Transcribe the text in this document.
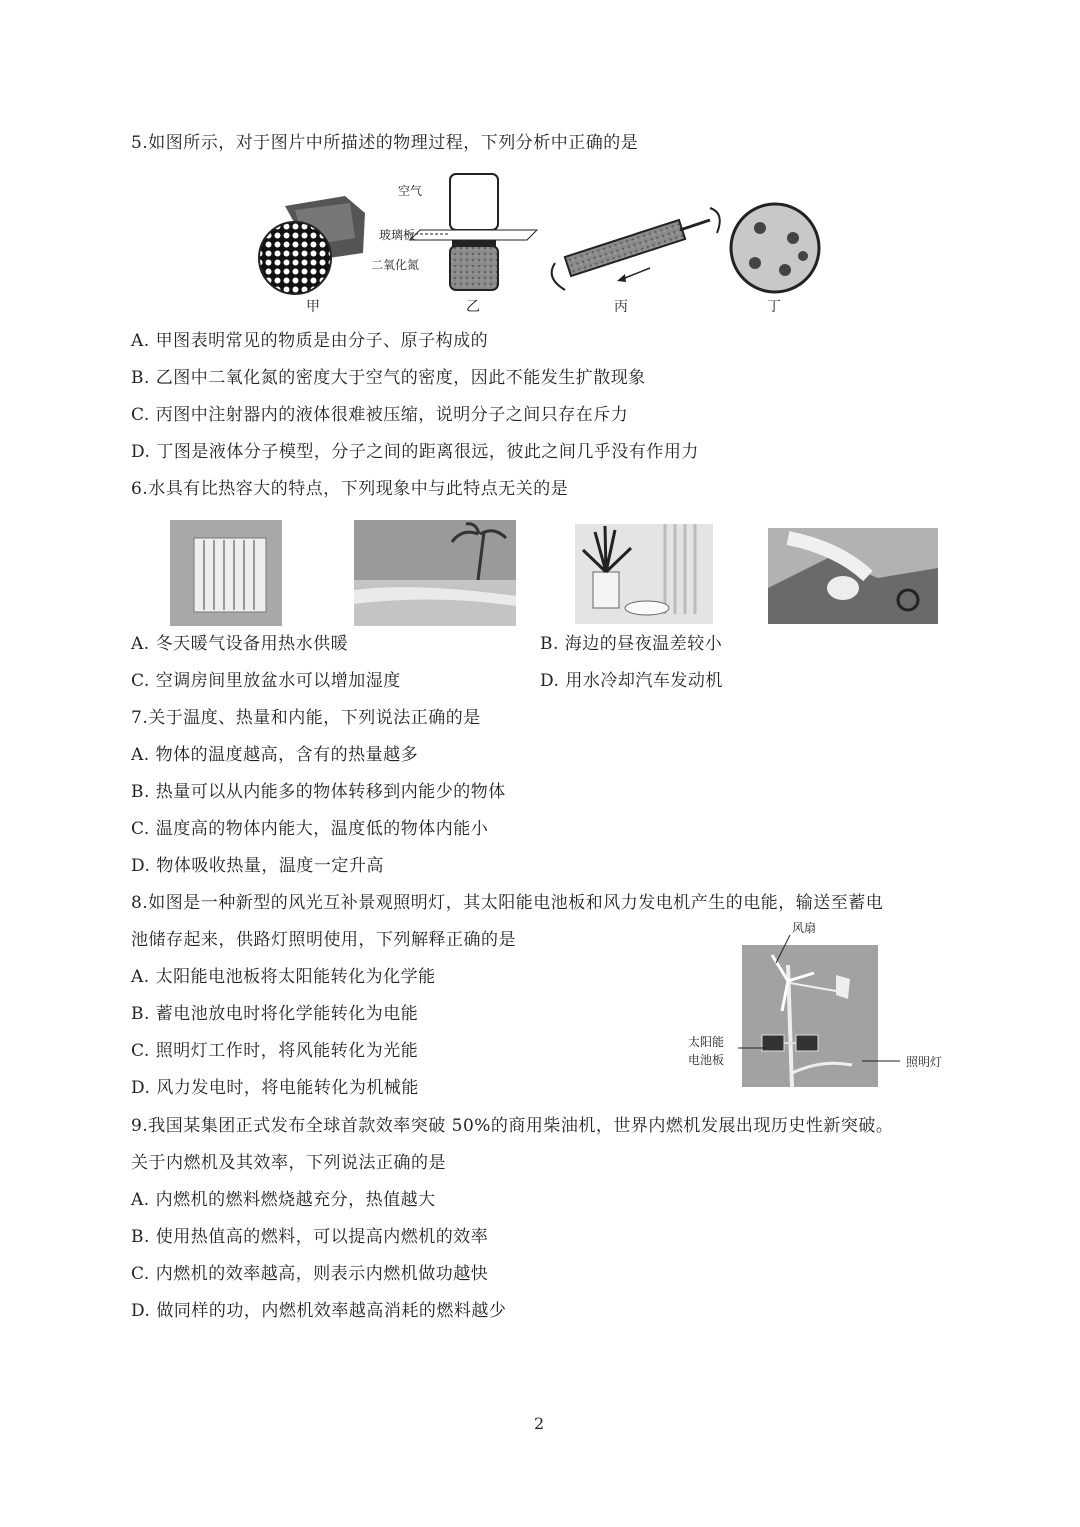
5.如图所示，对于图片中所描述的物理过程，下列分析中正确的是
空气
玻璃板
二氧化氮
甲	乙	丙	丁
A. 甲图表明常见的物质是由分子、原子构成的
B. 乙图中二氧化氮的密度大于空气的密度，因此不能发生扩散现象
C. 丙图中注射器内的液体很难被压缩，说明分子之间只存在斥力
D. 丁图是液体分子模型，分子之间的距离很远，彼此之间几乎没有作用力
6.水具有比热容大的特点，下列现象中与此特点无关的是
A. 冬天暖气设备用热水供暖	B. 海边的昼夜温差较小
C. 空调房间里放盆水可以增加湿度	D. 用水冷却汽车发动机
7.关于温度、热量和内能，下列说法正确的是
A. 物体的温度越高，含有的热量越多
B. 热量可以从内能多的物体转移到内能少的物体
C. 温度高的物体内能大，温度低的物体内能小
D. 物体吸收热量，温度一定升高
8.如图是一种新型的风光互补景观照明灯，其太阳能电池板和风力发电机产生的电能，输送至蓄电
池储存起来，供路灯照明使用，下列解释正确的是
A. 太阳能电池板将太阳能转化为化学能
B. 蓄电池放电时将化学能转化为电能
C. 照明灯工作时，将风能转化为光能
D. 风力发电时，将电能转化为机械能
风扇
太阳能
电池板	照明灯
9.我国某集团正式发布全球首款效率突破 50%的商用柴油机，世界内燃机发展出现历史性新突破。
关于内燃机及其效率，下列说法正确的是
A. 内燃机的燃料燃烧越充分，热值越大
B. 使用热值高的燃料，可以提高内燃机的效率
C. 内燃机的效率越高，则表示内燃机做功越快
D. 做同样的功，内燃机效率越高消耗的燃料越少
2
